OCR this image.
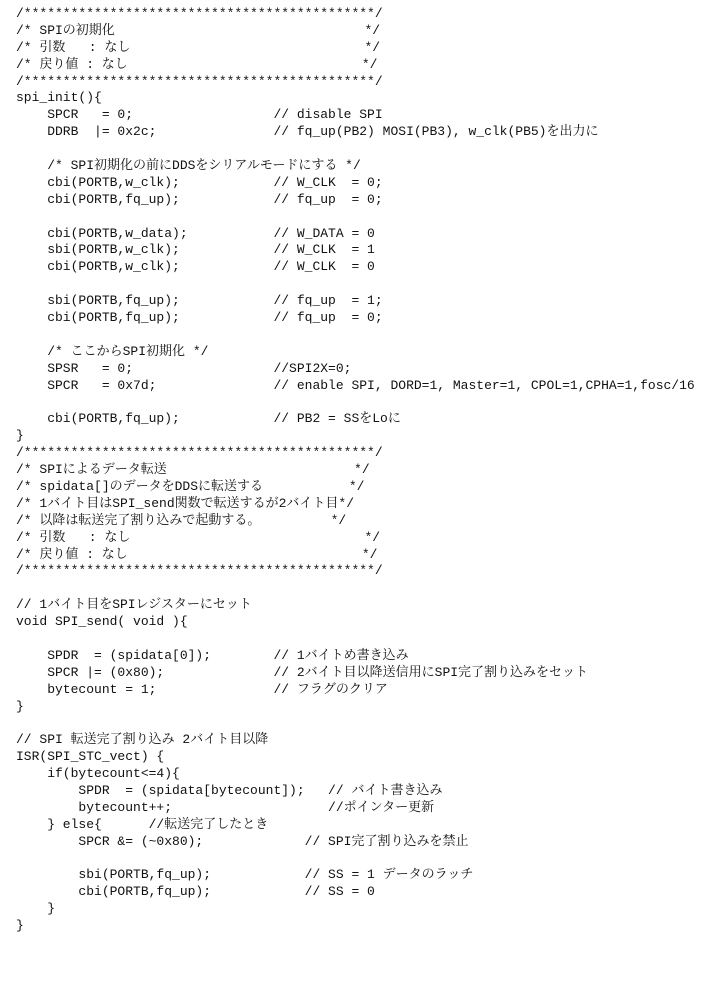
/*********************************************/
/* SPIの初期化                                */
/* 引数   : なし                              */
/* 戻り値 : なし                              */
/*********************************************/
spi_init(){
SPCR   = 0;                  // disable SPI
DDRB  |= 0x2c;               // fq_up(PB2) MOSI(PB3), w_clk(PB5)を出力に
/* SPI初期化の前にDDSをシリアルモードにする */
cbi(PORTB,w_clk);            // W_CLK  = 0;
cbi(PORTB,fq_up);            // fq_up  = 0;
cbi(PORTB,w_data);           // W_DATA = 0
sbi(PORTB,w_clk);            // W_CLK  = 1
cbi(PORTB,w_clk);            // W_CLK  = 0
sbi(PORTB,fq_up);            // fq_up  = 1;
cbi(PORTB,fq_up);            // fq_up  = 0;
/* ここからSPI初期化 */
SPSR   = 0;                  //SPI2X=0;
SPCR   = 0x7d;               // enable SPI, DORD=1, Master=1, CPOL=1,CPHA=1,fosc/16
cbi(PORTB,fq_up);            // PB2 = SSをLoに
}
/*********************************************/
/* SPIによるデータ転送                        */
/* spidata[]のデータをDDSに転送する           */
/* 1バイト目はSPI_send関数で転送するが2バイト目*/
/* 以降は転送完了割り込みで起動する。         */
/* 引数   : なし                              */
/* 戻り値 : なし                              */
/*********************************************/
// 1バイト目をSPIレジスターにセット
void SPI_send( void ){
SPDR  = (spidata[0]);        // 1バイトめ書き込み
SPCR |= (0x80);              // 2バイト目以降送信用にSPI完了割り込みをセット
bytecount = 1;               // フラグのクリア
}
// SPI 転送完了割り込み 2バイト目以降
ISR(SPI_STC_vect) {
if(bytecount<=4){
SPDR  = (spidata[bytecount]);   // バイト書き込み
bytecount++;                    //ポインター更新
} else{      //転送完了したとき
SPCR &= (~0x80);             // SPI完了割り込みを禁止
sbi(PORTB,fq_up);            // SS = 1 データのラッチ
cbi(PORTB,fq_up);            // SS = 0
}
}
